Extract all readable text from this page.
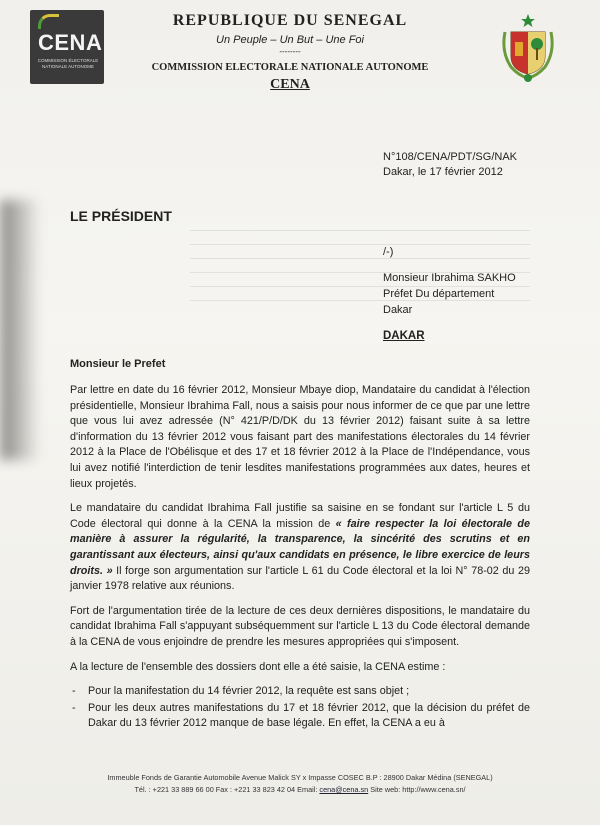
CENA
COMMISSION ÉLECTORALE NATIONALE AUTONOME
REPUBLIQUE DU SENEGAL
Un Peuple – Un But – Une Foi
--------
COMMISSION ELECTORALE NATIONALE AUTONOME
CENA
N°108/CENA/PDT/SG/NAK
Dakar, le 17 février 2012
LE PRÉSIDENT
/-)
Monsieur Ibrahima SAKHO
Préfet Du département
Dakar
DAKAR
Monsieur le Prefet

Par lettre en date du 16 février 2012, Monsieur Mbaye diop, Mandataire du candidat à l'élection présidentielle, Monsieur Ibrahima Fall, nous a saisis pour nous informer de ce que par une lettre que vous lui avez adressée (N° 421/P/D/DK du 13 février 2012) faisant suite à sa lettre d'information du 13 février 2012 vous faisant part des manifestations électorales du 14 février 2012 à la Place de l'Obélisque et des 17 et 18 février 2012 à la Place de l'Indépendance, vous lui avez notifié l'interdiction de tenir lesdites manifestations programmées aux dates, heures et lieux projetés.

Le mandataire du candidat Ibrahima Fall justifie sa saisine en se fondant sur l'article L 5 du Code électoral qui donne à la CENA la mission de « faire respecter la loi électorale de manière à assurer la régularité, la transparence, la sincérité des scrutins et en garantissant aux électeurs, ainsi qu'aux candidats en présence, le libre exercice de leurs droits. » Il forge son argumentation sur l'article L 61 du Code électoral et la loi N° 78-02 du 29 janvier 1978 relative aux réunions.

Fort de l'argumentation tirée de la lecture de ces deux dernières dispositions, le mandataire du candidat Ibrahima Fall s'appuyant subséquemment sur l'article L 13 du Code électoral demande à la CENA de vous enjoindre de prendre les mesures appropriées qui s'imposent.

A la lecture de l'ensemble des dossiers dont elle a été saisie, la CENA estime :

- Pour la manifestation du 14 février 2012, la requête est sans objet ;
- Pour les deux autres manifestations du 17 et 18 février 2012, que la décision du préfet de Dakar du 13 février 2012 manque de base légale. En effet, la CENA a eu à
Immeuble Fonds de Garantie Automobile Avenue Malick SY x Impasse COSEC B.P : 28900 Dakar Médina (SENEGAL)
Tél. : +221 33 889 66 00 Fax : +221 33 823 42 04 Email: cena@cena.sn Site web: http://www.cena.sn/
